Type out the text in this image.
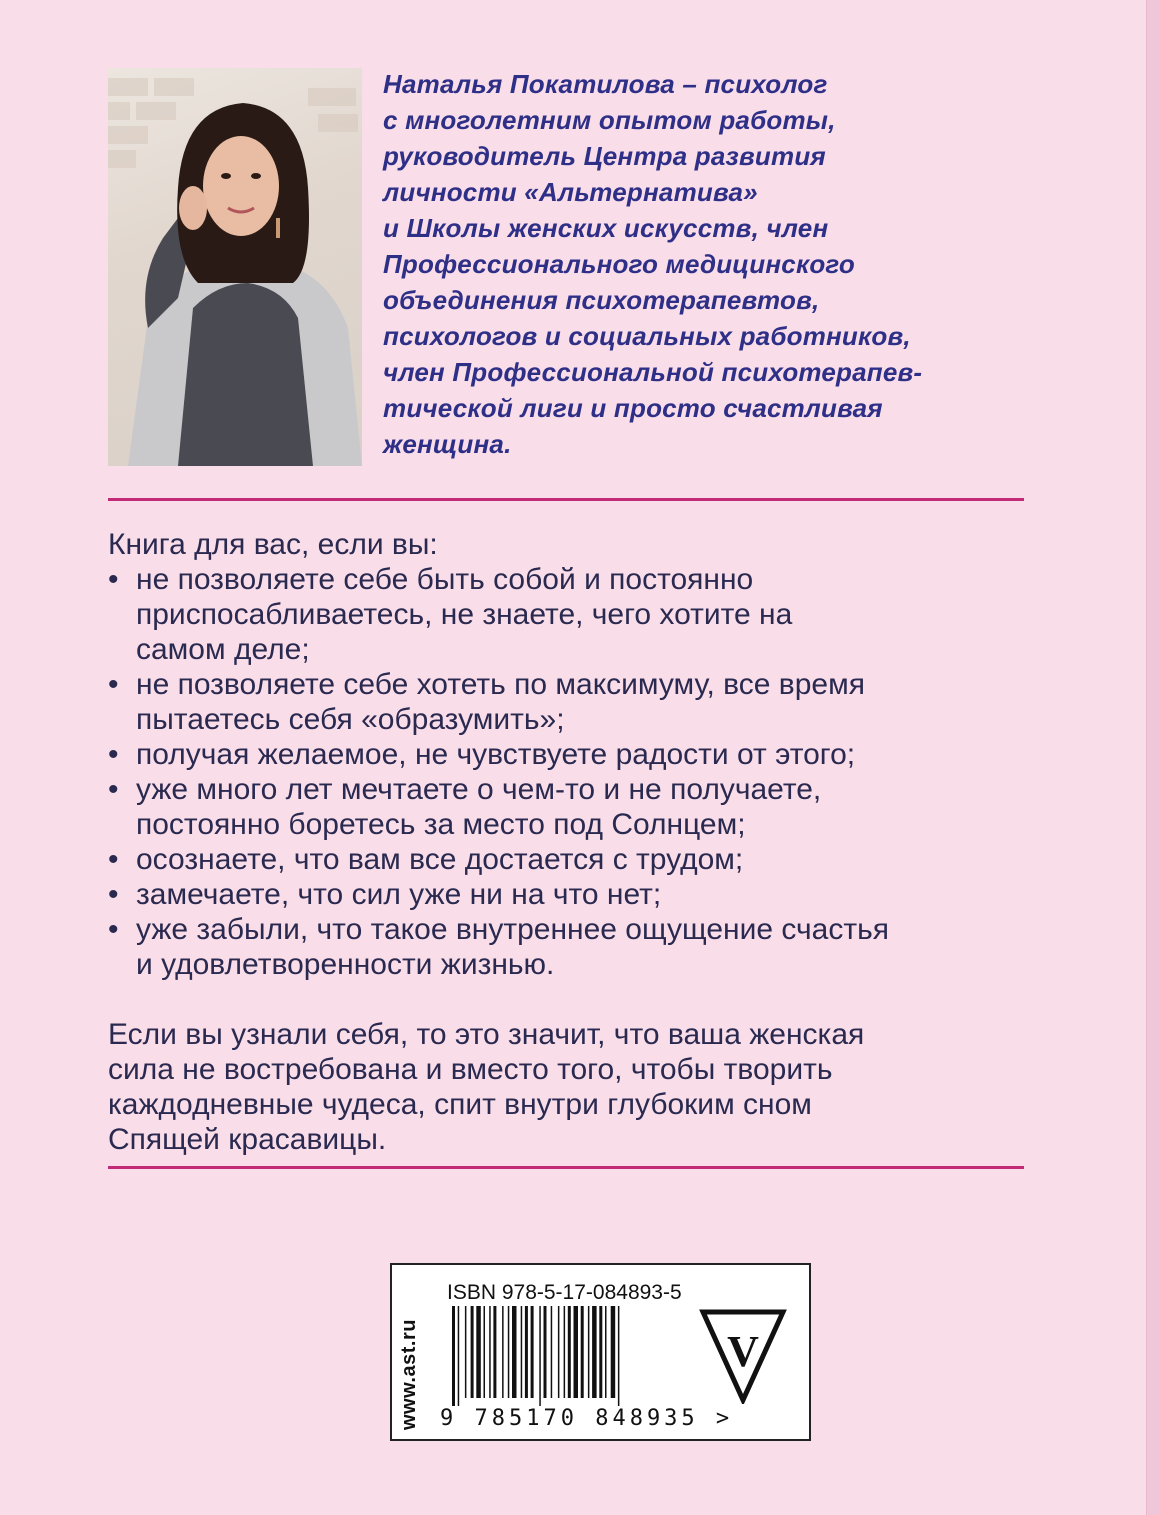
Наталья Покатилова – психолог
с многолетним опытом работы,
руководитель Центра развития
личности «Альтернатива»
и Школы женских искусств, член
Профессионального медицинского
объединения психотерапевтов,
психологов и социальных работников,
член Профессиональной психотерапев-
тической лиги и просто счастливая
женщина.

Книга для вас, если вы:

• не позволяете себе быть собой и постоянно
приспосабливаетесь, не знаете, чего хотите на
самом деле;
• не позволяете себе хотеть по максимуму, все время
пытаетесь себя «образумить»;
• получая желаемое, не чувствуете радости от этого;
• уже много лет мечтаете о чем-то и не получаете,
постоянно боретесь за место под Солнцем;
• осознаете, что вам все достается с трудом;
• замечаете, что сил уже ни на что нет;
• уже забыли, что такое внутреннее ощущение счастья
и удовлетворенности жизнью.

Если вы узнали себя, то это значит, что ваша женская
сила не востребована и вместо того, чтобы творить
каждодневные чудеса, спит внутри глубоким сном
Спящей красавицы.

www.ast.ru
ISBN 978-5-17-084893-5
9 785170 848935 >
V
